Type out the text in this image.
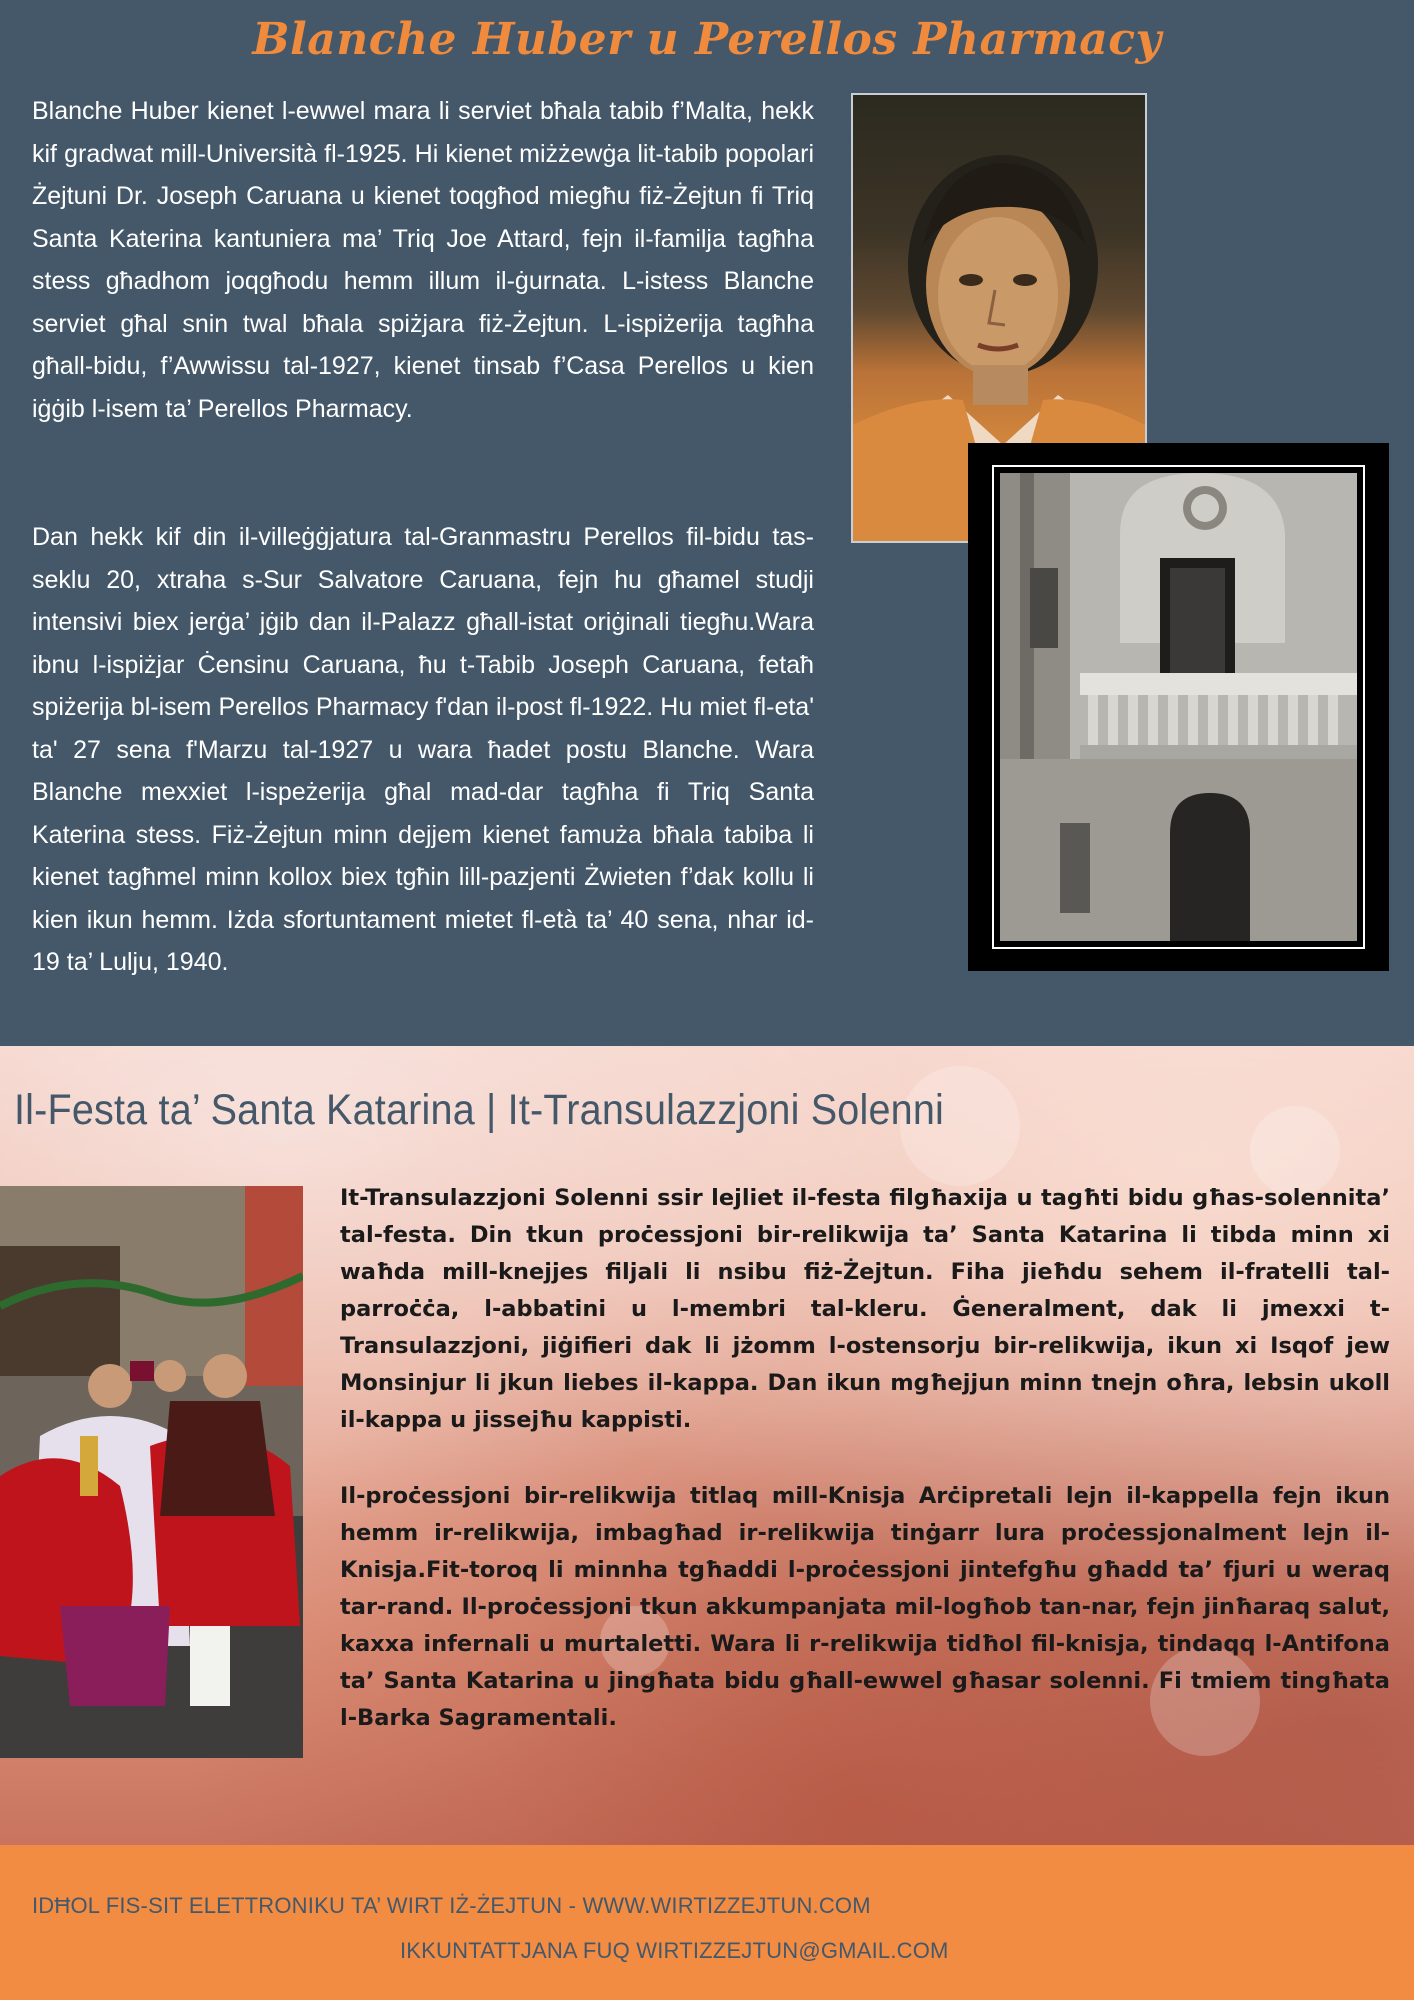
Blanche Huber u Perellos Pharmacy

Blanche Huber kienet l-ewwel mara li serviet bħala tabib f’Malta, hekk kif gradwat mill-Università fl-1925. Hi kienet miżżewġa lit-tabib popolari Żejtuni Dr. Joseph Caruana u kienet toqgħod miegħu fiż-Żejtun fi Triq Santa Katerina kantuniera ma’ Triq Joe Attard, fejn il-familja tagħha stess għadhom joqgħodu hemm illum il-ġurnata. L-istess Blanche serviet għal snin twal bħala spiżjara fiż-Żejtun. L-ispiżerija tagħha għall-bidu, f’Awwissu tal-1927, kienet tinsab f’Casa Perellos u kien iġġib l-isem ta’ Perellos Pharmacy.

Dan hekk kif din il-villeġġjatura tal-Granmastru Perellos fil-bidu tas-seklu 20, xtraha s-Sur Salvatore Caruana, fejn hu għamel studji intensivi biex jerġa’ jġib dan il-Palazz għall-istat oriġinali tiegħu.Wara ibnu l-ispiżjar Ċensinu Caruana, ħu t-Tabib Joseph Caruana, fetaħ spiżerija bl-isem Perellos Pharmacy f'dan il-post fl-1922. Hu miet fl-eta' ta' 27 sena f'Marzu tal-1927 u wara ħadet postu Blanche. Wara Blanche mexxiet l-ispeżerija għal mad-dar tagħha fi Triq Santa Katerina stess. Fiż-Żejtun minn dejjem kienet famuża bħala tabiba li kienet tagħmel minn kollox biex tgħin lill-pazjenti Żwieten f’dak kollu li kien ikun hemm. Iżda sfortuntament mietet fl-età ta’ 40 sena, nhar id-19 ta’ Lulju, 1940.

Il-Festa ta’ Santa Katarina | It-Transulazzjoni Solenni

It-Transulazzjoni Solenni ssir lejliet il-festa filgħaxija u tagħti bidu għas-solennita’ tal-festa. Din tkun proċessjoni bir-relikwija ta’ Santa Katarina li tibda minn xi waħda mill-knejjes filjali li nsibu fiż-Żejtun. Fiha jieħdu sehem il-fratelli tal-parroċċa, l-abbatini u l-membri tal-kleru. Ġeneralment, dak li jmexxi t-Transulazzjoni, jiġifieri dak li jżomm l-ostensorju bir-relikwija, ikun xi Isqof jew Monsinjur li jkun liebes il-kappa. Dan ikun mgħejjun minn tnejn oħra, lebsin ukoll il-kappa u jissejħu kappisti.

Il-proċessjoni bir-relikwija titlaq mill-Knisja Arċipretali lejn il-kappella fejn ikun hemm ir-relikwija, imbagħad ir-relikwija tinġarr lura proċessjonalment lejn il-Knisja.Fit-toroq li minnha tgħaddi l-proċessjoni jintefgħu għadd ta’ fjuri u weraq tar-rand. Il-proċessjoni tkun akkumpanjata mil-logħob tan-nar, fejn jinħaraq salut, kaxxa infernali u murtaletti. Wara li r-relikwija tidħol fil-knisja, tindaqq l-Antifona ta’ Santa Katarina u jingħata bidu għall-ewwel għasar solenni. Fi tmiem tingħata l-Barka Sagramentali.

IDĦOL FIS-SIT ELETTRONIKU TA’ WIRT IŻ-ŻEJTUN - WWW.WIRTIZZEJTUN.COM

IKKUNTATTJANA FUQ WIRTIZZEJTUN@GMAIL.COM
